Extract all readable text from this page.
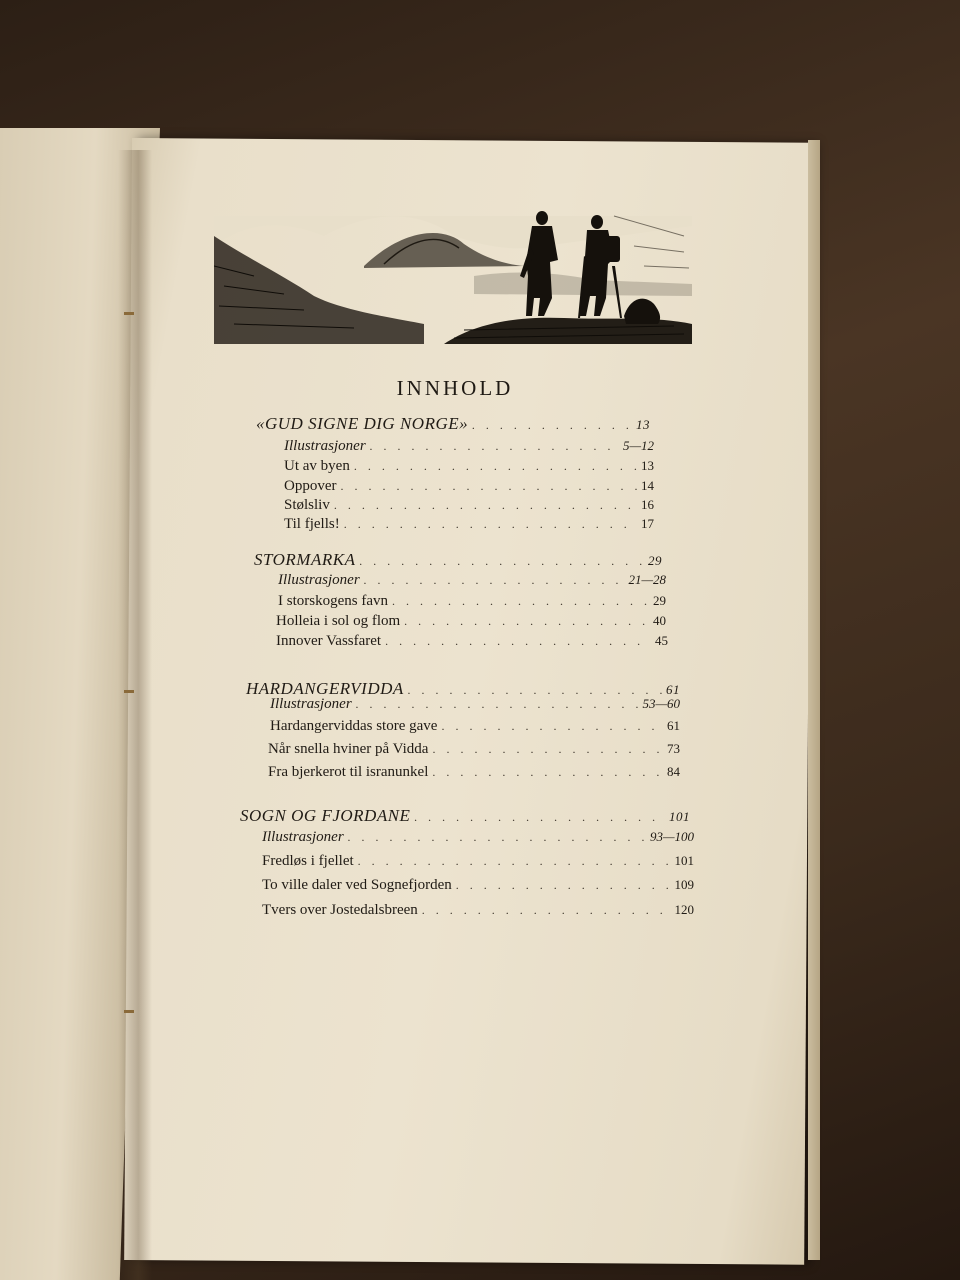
INNHOLD
«GUD SIGNE DIG NORGE» . . .	13
Illustrasjoner . . .	5—12
Ut av byen . . .	13
Oppover . . .	14
Stølsliv . . .	16
Til fjells! . . .	17
STORMARKA . . .	29
Illustrasjoner . . .	21—28
I storskogens favn . . .	29
Holleia i sol og flom . . .	40
Innover Vassfaret . . .	45
HARDANGERVIDDA . . .	61
Illustrasjoner . . .	53—60
Hardangerviddas store gave . . .	61
Når snella hviner på Vidda . . .	73
Fra bjerkerot til isranunkel . . .	84
SOGN OG FJORDANE . . .	101
Illustrasjoner . . .	93—100
Fredløs i fjellet . . .	101
To ville daler ved Sognefjorden . . .	109
Tvers over Jostedalsbreen . . .	120
